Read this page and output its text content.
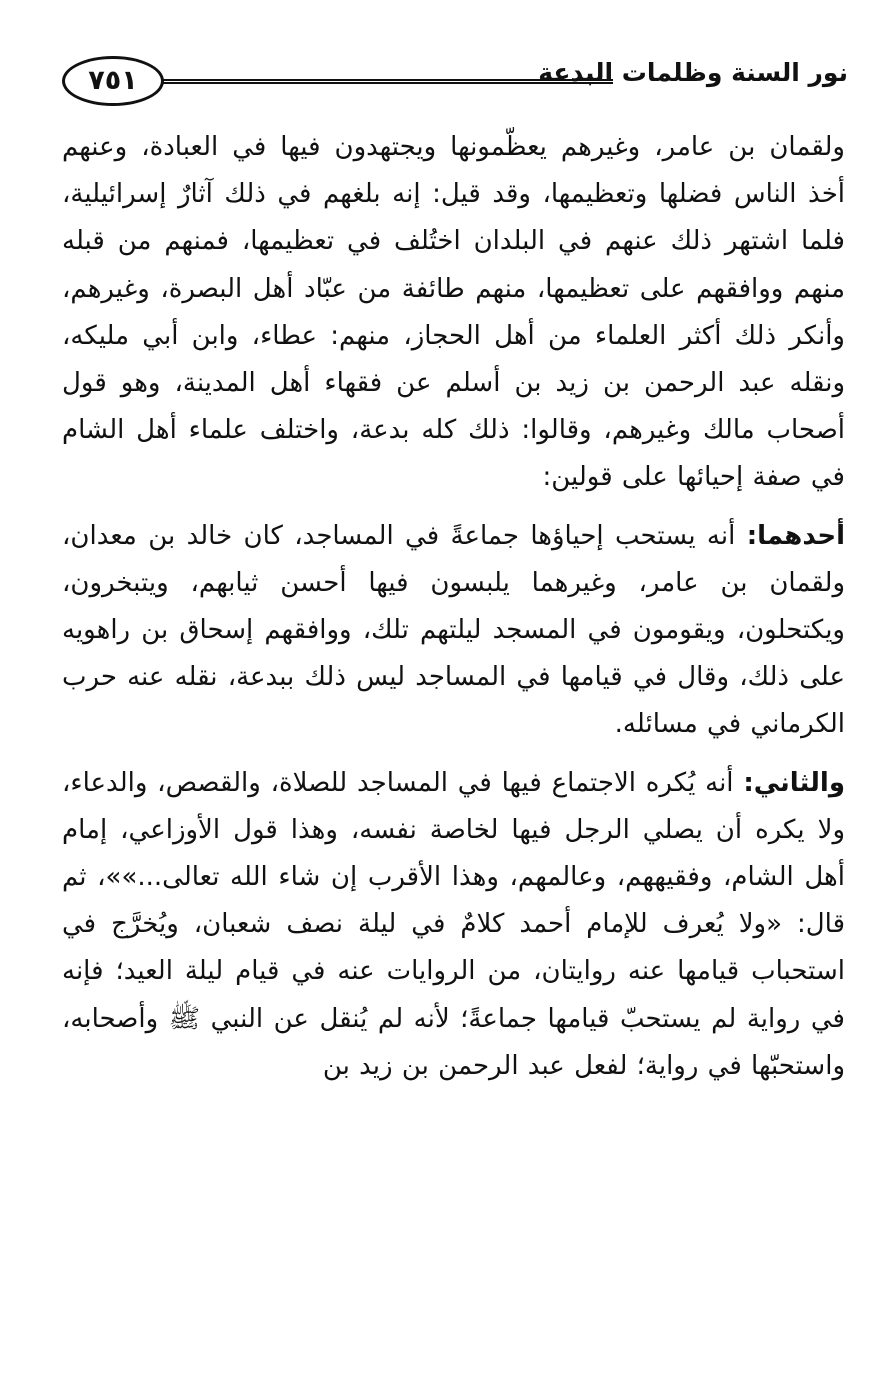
نور السنة وظلمات البدعة
٧٥١

ولقمان بن عامر، وغيرهم يعظّمونها ويجتهدون فيها في العبادة، وعنهم أخذ الناس فضلها وتعظيمها، وقد قيل: إنه بلغهم في ذلك آثارٌ إسرائيلية، فلما اشتهر ذلك عنهم في البلدان اختُلف في تعظيمها، فمنهم من قبله منهم ووافقهم على تعظيمها، منهم طائفة من عبّاد أهل البصرة، وغيرهم، وأنكر ذلك أكثر العلماء من أهل الحجاز، منهم: عطاء، وابن أبي مليكه، ونقله عبد الرحمن بن زيد بن أسلم عن فقهاء أهل المدينة، وهو قول أصحاب مالك وغيرهم، وقالوا: ذلك كله بدعة، واختلف علماء أهل الشام في صفة إحيائها على قولين:

أحدهما: أنه يستحب إحياؤها جماعةً في المساجد، كان خالد بن معدان، ولقمان بن عامر، وغيرهما يلبسون فيها أحسن ثيابهم، ويتبخرون، ويكتحلون، ويقومون في المسجد ليلتهم تلك، ووافقهم إسحاق بن راهويه على ذلك، وقال في قيامها في المساجد ليس ذلك ببدعة، نقله عنه حرب الكرماني في مسائله.

والثاني: أنه يُكره الاجتماع فيها في المساجد للصلاة، والقصص، والدعاء، ولا يكره أن يصلي الرجل فيها لخاصة نفسه، وهذا قول الأوزاعي، إمام أهل الشام، وفقيههم، وعالمهم، وهذا الأقرب إن شاء الله تعالى...»»، ثم قال: «ولا يُعرف للإمام أحمد كلامٌ في ليلة نصف شعبان، ويُخرَّج في استحباب قيامها عنه روايتان، من الروايات عنه في قيام ليلة العيد؛ فإنه في رواية لم يستحبّ قيامها جماعةً؛ لأنه لم يُنقل عن النبي ﷺ وأصحابه، واستحبّها في رواية؛ لفعل عبد الرحمن بن زيد بن
